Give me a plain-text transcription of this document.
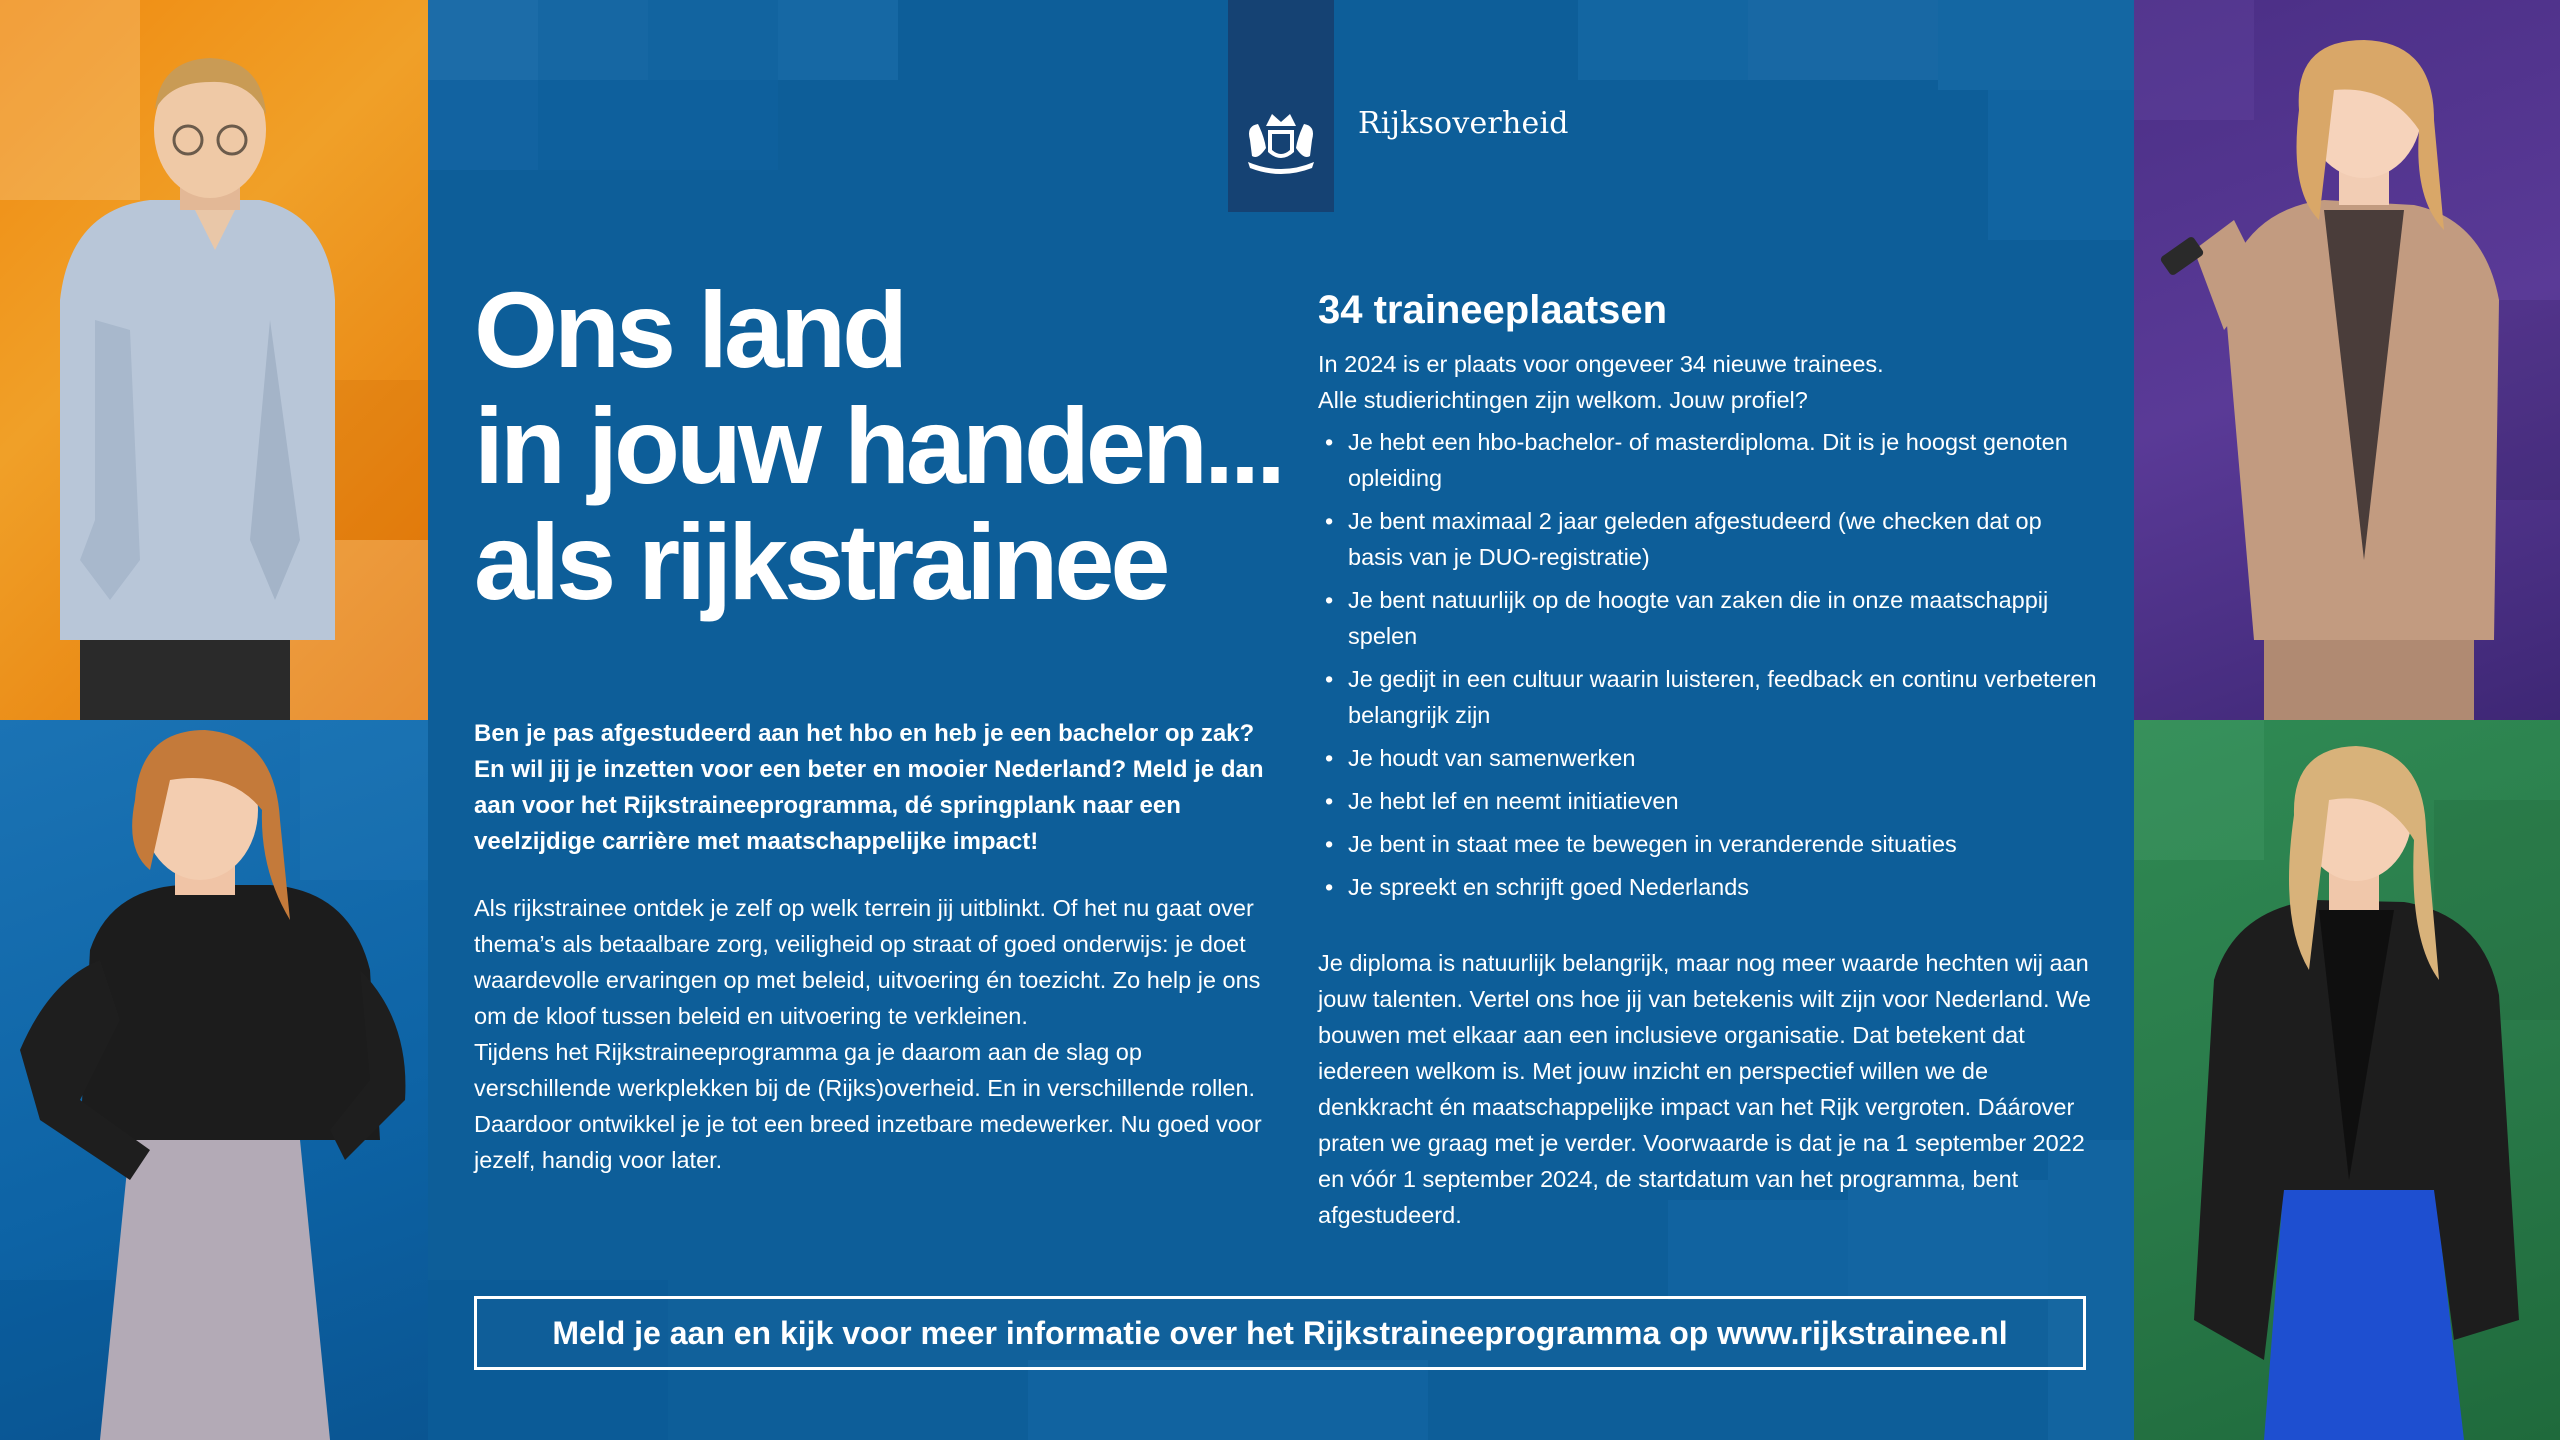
Rijksoverheid
Ons land
in jouw handen...
als rijkstrainee
Ben je pas afgestudeerd aan het hbo en heb je een bachelor op zak? En wil jij je inzetten voor een beter en mooier Nederland? Meld je dan aan voor het Rijkstraineeprogramma, dé springplank naar een veelzijdige carrière met maatschappelijke impact!

Als rijkstrainee ontdek je zelf op welk terrein jij uitblinkt. Of het nu gaat over thema’s als betaalbare zorg, veiligheid op straat of goed onderwijs: je doet waardevolle ervaringen op met beleid, uitvoering én toezicht. Zo help je ons om de kloof tussen beleid en uitvoering te verkleinen.

Tijdens het Rijkstraineeprogramma ga je daarom aan de slag op verschillende werkplekken bij de (Rijks)overheid. En in verschillende rollen. Daardoor ontwikkel je je tot een breed inzetbare medewerker. Nu goed voor jezelf, handig voor later.

34 traineeplaatsen
In 2024 is er plaats voor ongeveer 34 nieuwe trainees.
Alle studierichtingen zijn welkom. Jouw profiel?
• Je hebt een hbo-bachelor- of masterdiploma. Dit is je hoogst genoten opleiding
• Je bent maximaal 2 jaar geleden afgestudeerd (we checken dat op basis van je DUO-registratie)
• Je bent natuurlijk op de hoogte van zaken die in onze maatschappij spelen
• Je gedijt in een cultuur waarin luisteren, feedback en continu verbeteren belangrijk zijn
• Je houdt van samenwerken
• Je hebt lef en neemt initiatieven
• Je bent in staat mee te bewegen in veranderende situaties
• Je spreekt en schrijft goed Nederlands
Je diploma is natuurlijk belangrijk, maar nog meer waarde hechten wij aan jouw talenten. Vertel ons hoe jij van betekenis wilt zijn voor Nederland. We bouwen met elkaar aan een inclusieve organisatie. Dat betekent dat iedereen welkom is. Met jouw inzicht en perspectief willen we de denkkracht én maatschappelijke impact van het Rijk vergroten. Dáárover praten we graag met je verder. Voorwaarde is dat je na 1 september 2022 en vóór 1 september 2024, de startdatum van het programma, bent afgestudeerd.
Meld je aan en kijk voor meer informatie over het Rijkstraineeprogramma op www.rijkstrainee.nl
